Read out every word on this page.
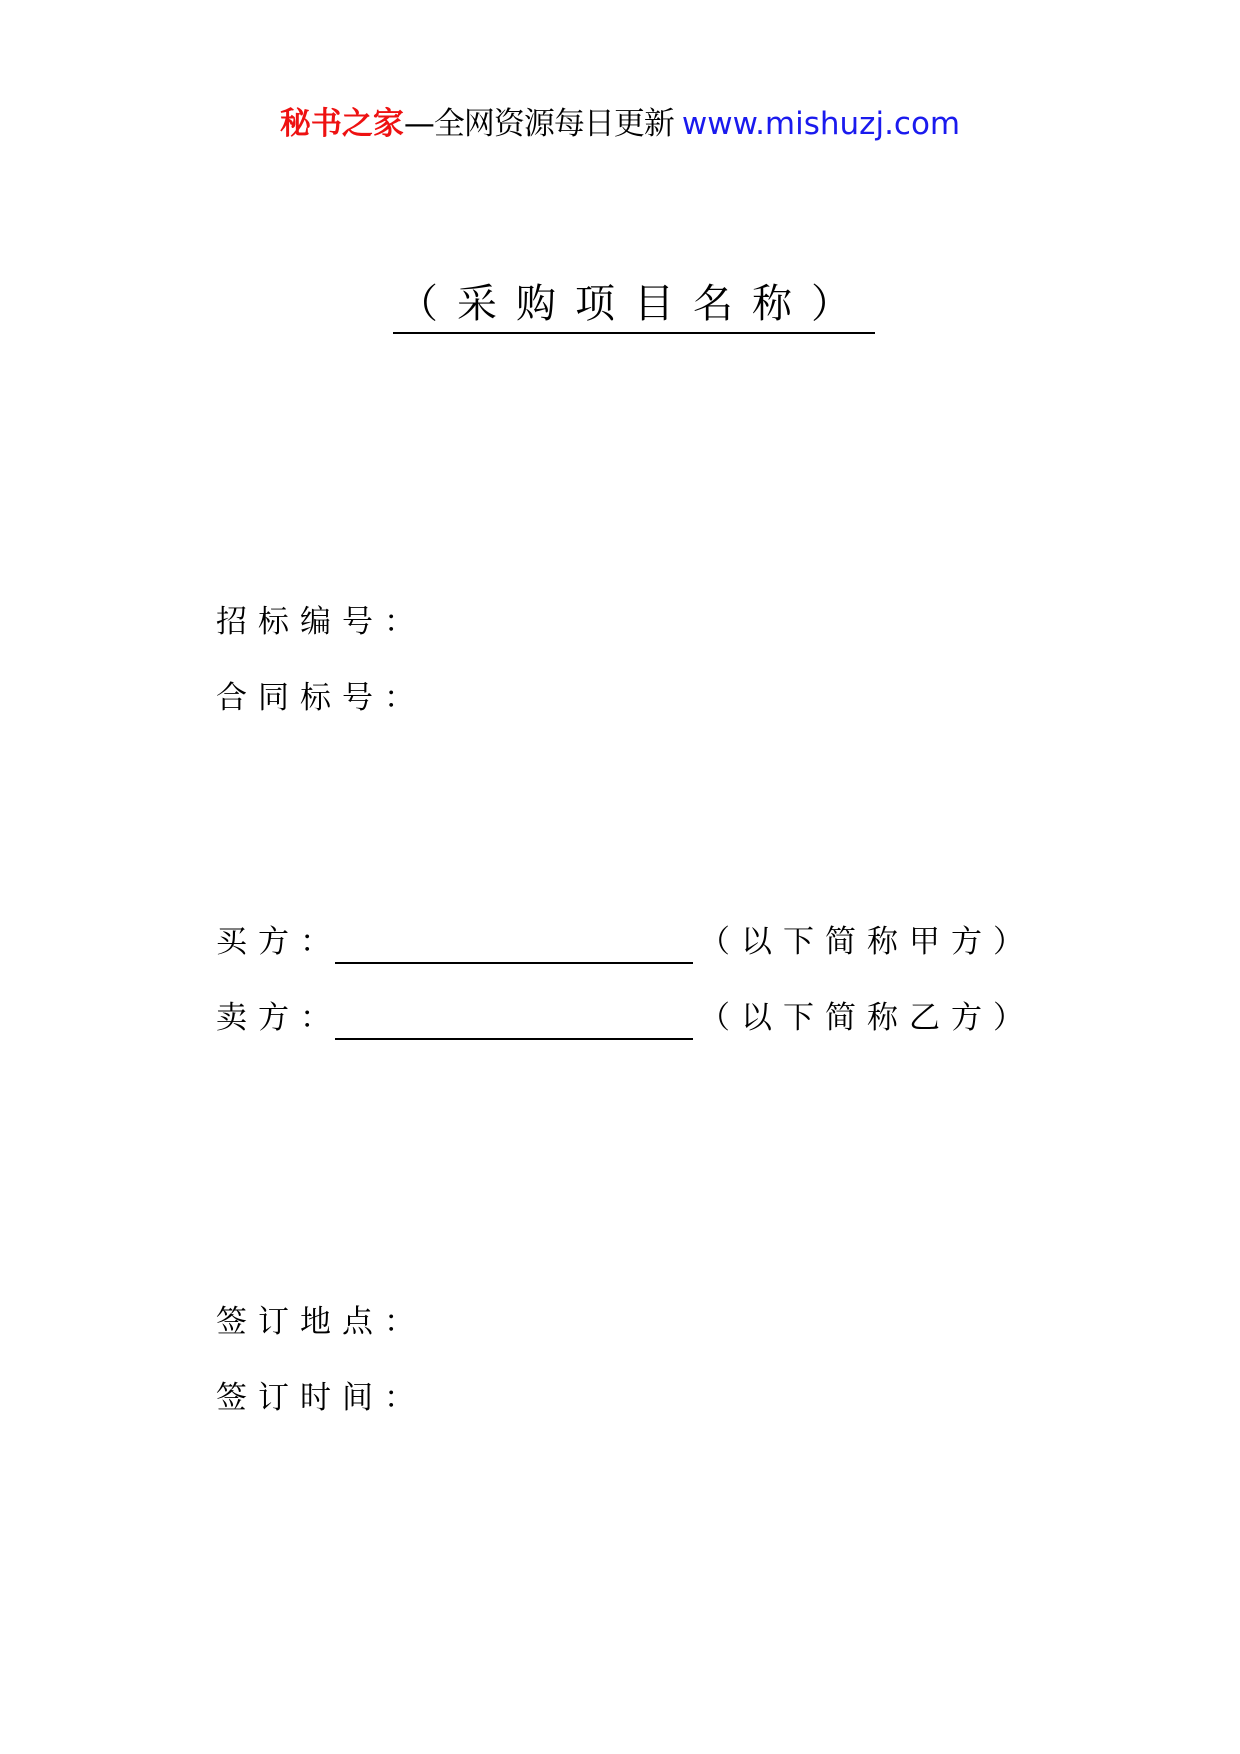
秘书之家—全网资源每日更新 www.mishuzj.com
（采购项目名称）
招标编号：
合同标号：
买方：	（以下简称甲方）
卖方：	（以下简称乙方）
签订地点：
签订时间：
